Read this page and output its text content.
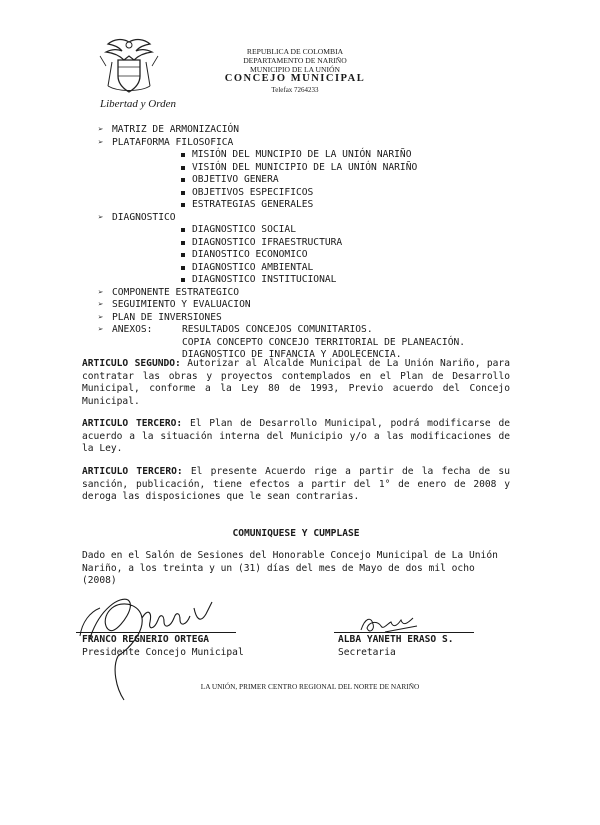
Libertad y Orden
REPUBLICA DE COLOMBIA
DEPARTAMENTO DE NARIÑO
MUNICIPIO DE LA UNIÓN
CONCEJO MUNICIPAL
Telefax 7264233
➢ MATRIZ DE ARMONIZACIÓN
➢ PLATAFORMA FILOSOFICA
MISIÓN DEL MUNCIPIO DE LA UNIÓN NARIÑO
VISIÓN DEL MUNICIPIO DE LA UNIÓN NARIÑO
OBJETIVO GENERA
OBJETIVOS ESPECIFICOS
ESTRATEGIAS GENERALES
➢ DIAGNOSTICO
DIAGNOSTICO SOCIAL
DIAGNOSTICO IFRAESTRUCTURA
DIANOSTICO ECONOMICO
DIAGNOSTICO AMBIENTAL
DIAGNOSTICO INSTITUCIONAL
➢ COMPONENTE ESTRATEGICO
➢ SEGUIMIENTO Y EVALUACION
➢ PLAN DE INVERSIONES
➢ ANEXOS:	RESULTADOS CONCEJOS COMUNITARIOS.
COPIA CONCEPTO CONCEJO TERRITORIAL DE PLANEACIÓN.
DIAGNOSTICO DE INFANCIA Y ADOLECENCIA.

ARTICULO SEGUNDO: Autorizar al Alcalde Municipal de La Unión Nariño, para contratar las obras y proyectos contemplados en el Plan de Desarrollo Municipal, conforme a la Ley 80 de 1993, Previo acuerdo del Concejo Municipal.

ARTICULO TERCERO: El Plan de Desarrollo Municipal, podrá modificarse de acuerdo a la situación interna del Municipio y/o a las modificaciones de la Ley.

ARTICULO TERCERO: El presente Acuerdo rige a partir de la fecha de su sanción, publicación, tiene efectos a partir del 1° de enero de 2008 y deroga las disposiciones que le sean contrarias.

COMUNIQUESE Y CUMPLASE

Dado en el Salón de Sesiones del Honorable Concejo Municipal de La Unión Nariño, a los treinta y un (31) días del mes de Mayo de dos mil ocho (2008)

FRANCO REGNERIO ORTEGA
Presidente Concejo Municipal
ALBA YANETH ERASO S.
Secretaria
LA UNIÓN, PRIMER CENTRO REGIONAL DEL NORTE DE NARIÑO
